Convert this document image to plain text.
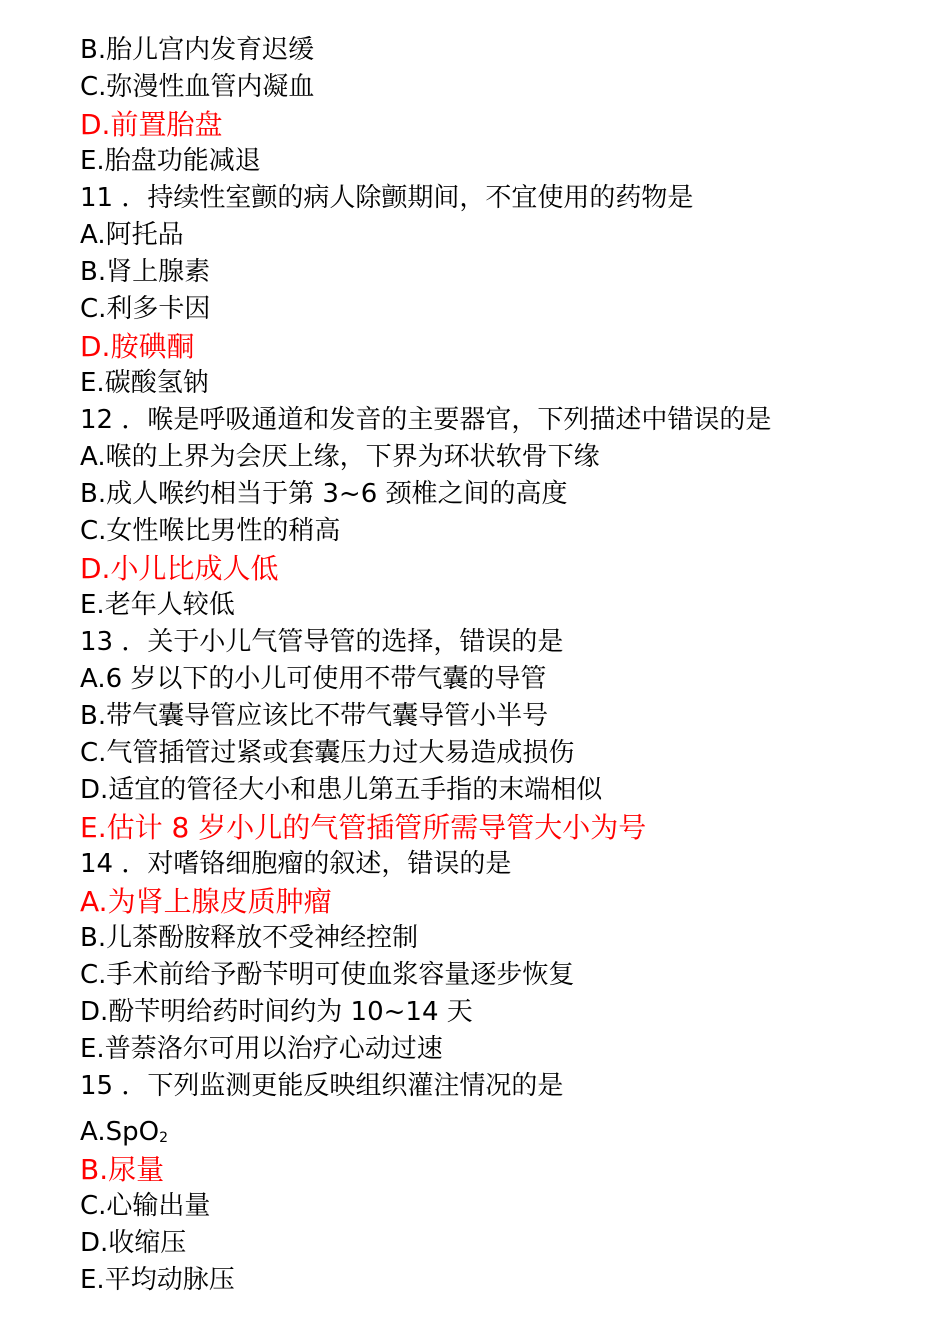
B.胎儿宫内发育迟缓
C.弥漫性血管内凝血
D.前置胎盘
E.胎盘功能减退
11 ．持续性室颤的病人除颤期间，不宜使用的药物是
A.阿托品
B.肾上腺素
C.利多卡因
D.胺碘酮
E.碳酸氢钠
12 ．喉是呼吸通道和发音的主要器官，下列描述中错误的是
A.喉的上界为会厌上缘，下界为环状软骨下缘
B.成人喉约相当于第 3~6 颈椎之间的高度
C.女性喉比男性的稍高
D.小儿比成人低
E.老年人较低
13 ．关于小儿气管导管的选择，错误的是
A.6 岁以下的小儿可使用不带气囊的导管
B.带气囊导管应该比不带气囊导管小半号
C.气管插管过紧或套囊压力过大易造成损伤
D.适宜的管径大小和患儿第五手指的末端相似
E.估计 8 岁小儿的气管插管所需导管大小为号
14 ．对嗜铬细胞瘤的叙述，错误的是
A.为肾上腺皮质肿瘤
B.儿茶酚胺释放不受神经控制
C.手术前给予酚苄明可使血浆容量逐步恢复
D.酚苄明给药时间约为 10~14 天
E.普萘洛尔可用以治疗心动过速
15 ．下列监测更能反映组织灌注情况的是
A.SpO$_2$
B.尿量
C.心输出量
D.收缩压
E.平均动脉压
